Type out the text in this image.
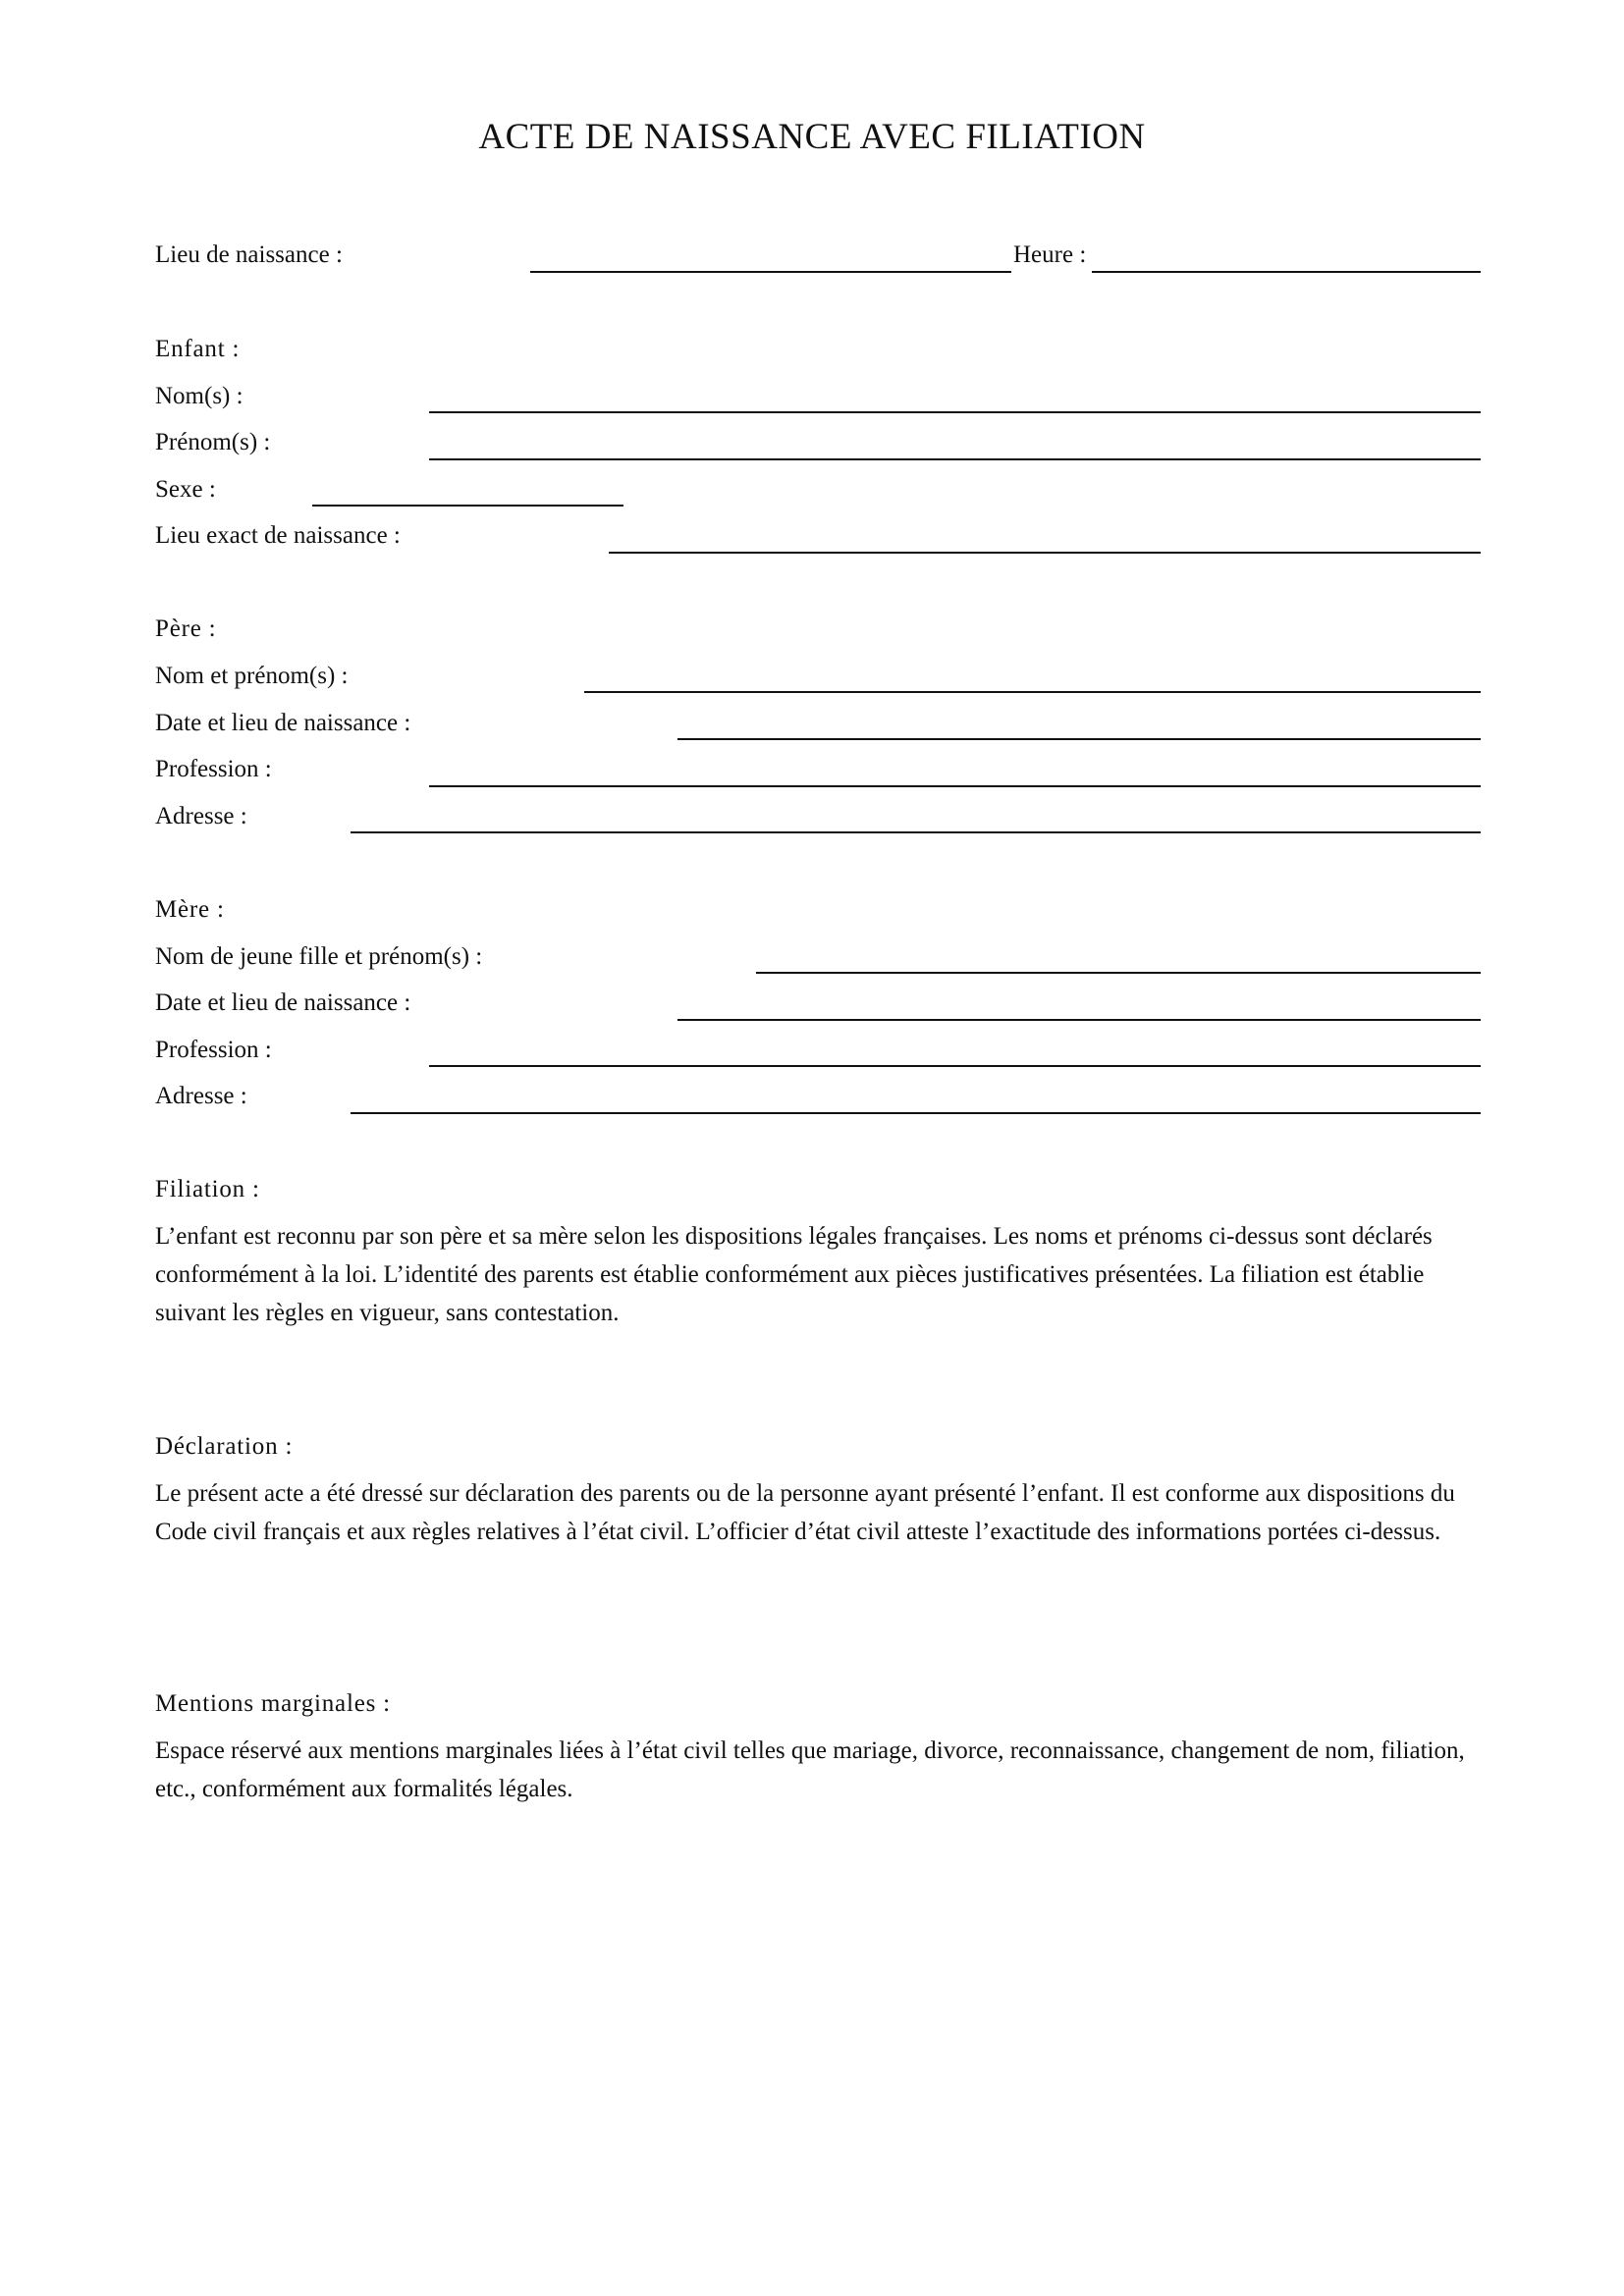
ACTE DE NAISSANCE AVEC FILIATION
Lieu de naissance :	Heure :
Enfant :
Nom(s) :
Prénom(s) :
Sexe :
Lieu exact de naissance :
Père :
Nom et prénom(s) :
Date et lieu de naissance :
Profession :
Adresse :
Mère :
Nom de jeune fille et prénom(s) :
Date et lieu de naissance :
Profession :
Adresse :
Filiation :
L’enfant est reconnu par son père et sa mère selon les dispositions légales françaises. Les noms et prénoms ci-dessus sont déclarés conformément à la loi. L’identité des parents est établie conformément aux pièces justificatives présentées. La filiation est établie suivant les règles en vigueur, sans contestation.
Déclaration :
Le présent acte a été dressé sur déclaration des parents ou de la personne ayant présenté l’enfant. Il est conforme aux dispositions du Code civil français et aux règles relatives à l’état civil. L’officier d’état civil atteste l’exactitude des informations portées ci-dessus.
Mentions marginales :
Espace réservé aux mentions marginales liées à l’état civil telles que mariage, divorce, reconnaissance, changement de nom, filiation, etc., conformément aux formalités légales.
